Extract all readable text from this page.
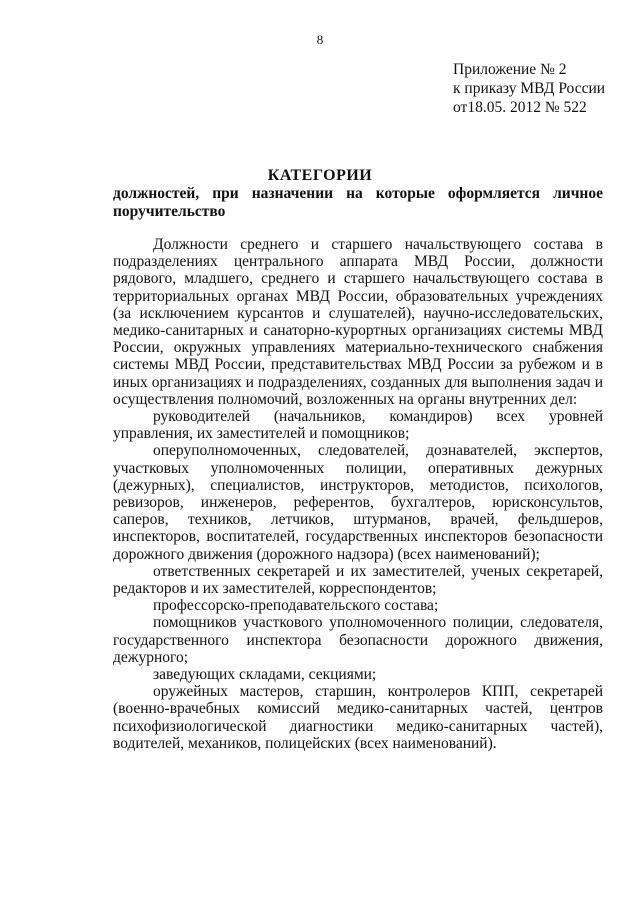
8
Приложение № 2
к приказу МВД России
от18.05. 2012 № 522
КАТЕГОРИИ
должностей, при назначении на которые оформляется личное поручительство

Должности среднего и старшего начальствующего состава в подразделениях центрального аппарата МВД России, должности рядового, младшего, среднего и старшего начальствующего состава в территориальных органах МВД России, образовательных учреждениях (за исключением курсантов и слушателей), научно-исследовательских, медико-санитарных и санаторно-курортных организациях системы МВД России, окружных управлениях материально-технического снабжения системы МВД России, представительствах МВД России за рубежом и в иных организациях и подразделениях, созданных для выполнения задач и осуществления полномочий, возложенных на органы внутренних дел:

руководителей (начальников, командиров) всех уровней управления, их заместителей и помощников;

оперуполномоченных, следователей, дознавателей, экспертов, участковых уполномоченных полиции, оперативных дежурных (дежурных), специалистов, инструкторов, методистов, психологов, ревизоров, инженеров, референтов, бухгалтеров, юрисконсультов, саперов, техников, летчиков, штурманов, врачей, фельдшеров, инспекторов, воспитателей, государственных инспекторов безопасности дорожного движения (дорожного надзора) (всех наименований);

ответственных секретарей и их заместителей, ученых секретарей, редакторов и их заместителей, корреспондентов;

профессорско-преподавательского состава;

помощников участкового уполномоченного полиции, следователя, государственного инспектора безопасности дорожного движения, дежурного;

заведующих складами, секциями;

оружейных мастеров, старшин, контролеров КПП, секретарей (военно-врачебных комиссий медико-санитарных частей, центров психофизиологической диагностики медико-санитарных частей), водителей, механиков, полицейских (всех наименований).
